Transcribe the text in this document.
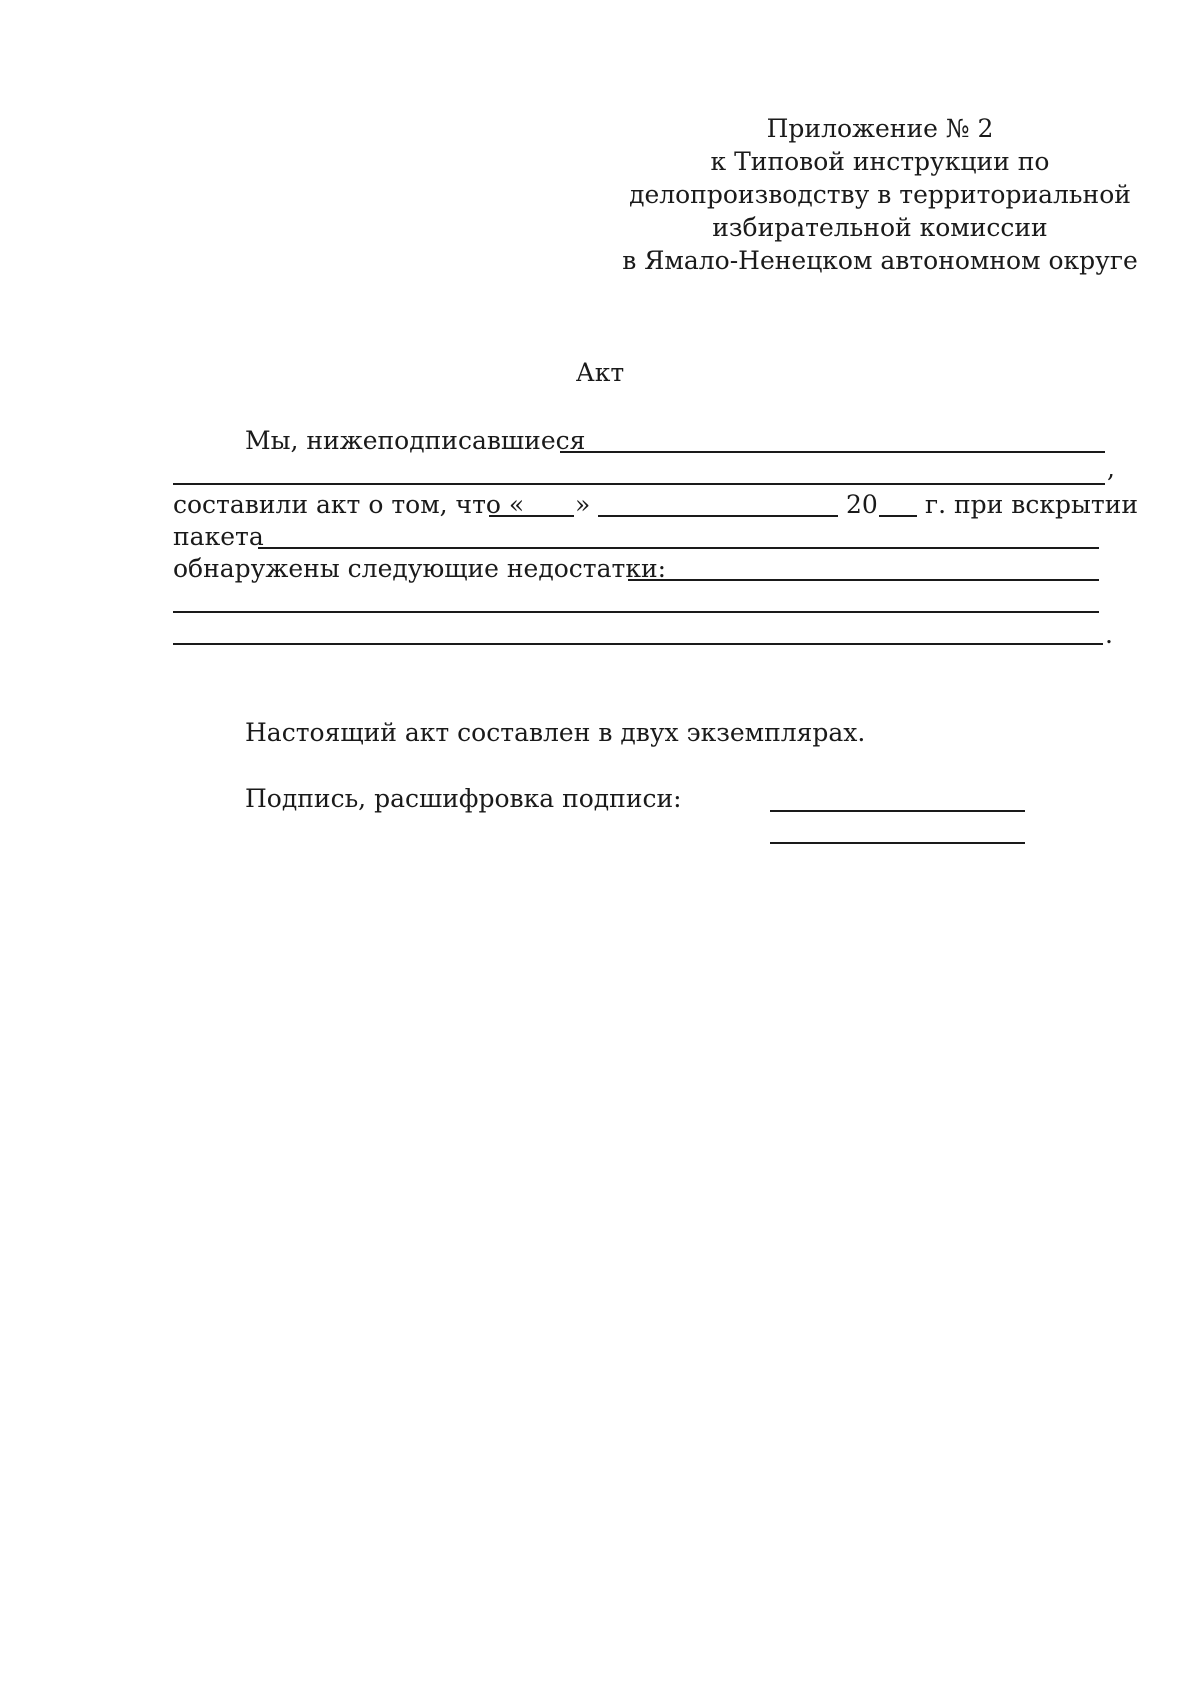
Приложение № 2
к Типовой инструкции по
делопроизводству в территориальной
избирательной комиссии
в Ямало-Ненецком автономном округе
Акт
Мы, нижеподписавшиеся
,
составили акт о том, что « »	20 г. при вскрытии
пакета
обнаружены следующие недостатки:
.
Настоящий акт составлен в двух экземплярах.
Подпись, расшифровка подписи:
